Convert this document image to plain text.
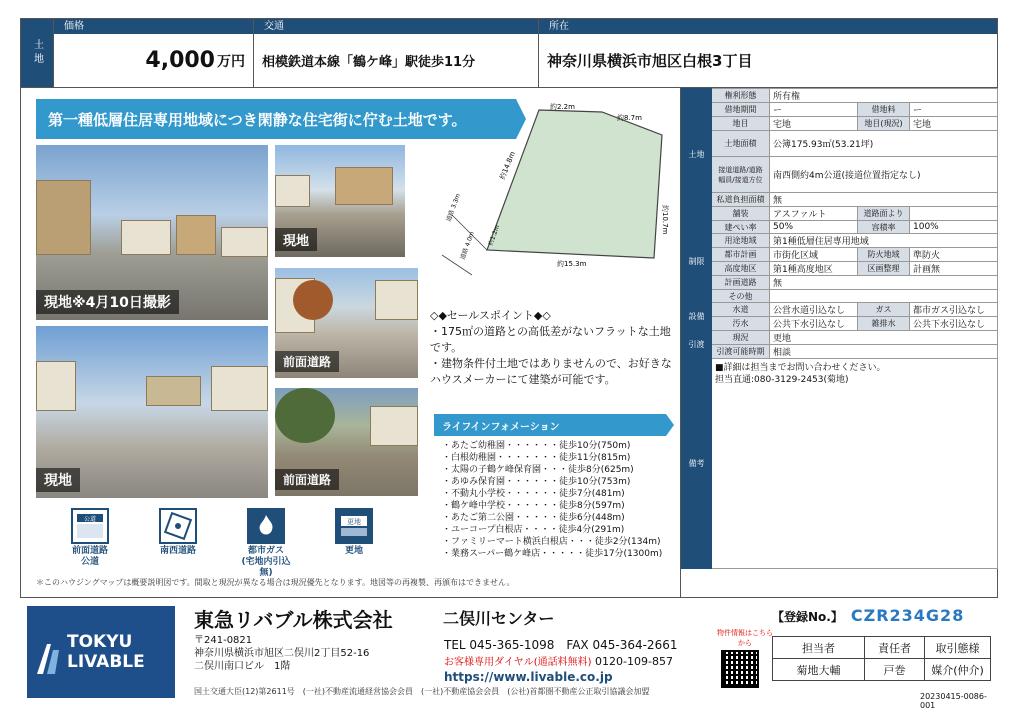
土地
価格
4,000 万円
交通
相模鉄道本線「鶴ケ峰」駅徒歩11分
所在
神奈川県横浜市旭区白根3丁目
第一種低層住居専用地域につき閑静な住宅街に佇む土地です。
現地※4月10日撮影
現地
現地
前面道路
前面道路
約2.2m
約8.7m
約10.7m
約14.8m
約15.3m
約1.2m
道路 3.3m
道路 4.0m
◇◆セールスポイント◆◇
・175㎡の道路との高低差がないフラットな土地です。
・建物条件付土地ではありませんので、お好きなハウスメーカーにて建築が可能です。
ライフインフォメーション
・あたご幼稚園・・・・・・徒歩10分(750m)
・白根幼稚園・・・・・・・徒歩11分(815m)
・太陽の子鶴ケ峰保育園・・・徒歩8分(625m)
・あゆみ保育園・・・・・・徒歩10分(753m)
・不動丸小学校・・・・・・徒歩7分(481m)
・鶴ケ峰中学校・・・・・・徒歩8分(597m)
・あたご第二公園・・・・・徒歩6分(448m)
・ユーコープ白根店・・・・徒歩4分(291m)
・ファミリーマート横浜白根店・・・徒歩2分(134m)
・業務スーパー鶴ケ峰店・・・・・徒歩17分(1300m)
公道
前面道路
公道
南西道路	都市ガス
(宅地内引込無)
更地
更地
＊このハウジングマップは概要説明図です。間取と現況が異なる場合は現況優先となります。地図等の再複製、再頒布はできません。
土地	権利形態	所有権		
	借地期間	ー	借地料	ー
	地目	宅地	地目(現況)	宅地
	土地面積	公簿175.93㎡(53.21坪)		
	接道道路/道路幅員/接道方位	南西側約4m公道(接道位置指定なし)		
	私道負担面積	無		
	舗装	アスファルト	道路面より	
制限	建ぺい率	50%	容積率	100%
	用途地域	第1種低層住居専用地域		
	都市計画	市街化区域	防火地域	準防火
	高度地区	第1種高度地区	区画整理	計画無
	計画道路	無		
	その他			
設備	水道	公営水道引込なし	ガス	都市ガス引込なし
	汚水	公共下水引込なし	雑排水	公共下水引込なし
引渡	現況	更地		
	引渡可能時期	相談		
備考	■詳細は担当までお問い合わせください。
担当直通:080-3129-2453(菊地)			
TOKYU
LIVABLE
東急リバブル株式会社	二俣川センター
〒241-0821
神奈川県横浜市旭区二俣川2丁目52-16
二俣川南口ビル　1階
TEL 045-365-1098　FAX 045-364-2661
お客様専用ダイヤル(通話料無料) 0120-109-857
https://www.livable.co.jp
国土交通大臣(12)第2611号　(一社)不動産流通経営協会会員　(一社)不動産協会会員　(公社)首都圏不動産公正取引協議会加盟
物件情報はこちらから
【登録No.】 CZR234G28
担当者	責任者	取引態様
菊地大輔	戸巻	媒介(仲介)
20230415-0086-001
